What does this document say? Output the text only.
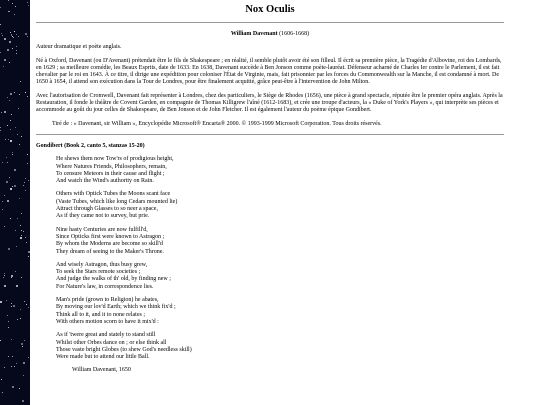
Nox Oculis
William Davenant (1606-1668)

Auteur dramatique et poète anglais.

Né à Oxford, Davenant (ou D'Avenant) prétendait être le fils de Shakespeare ; en réalité, il semble plutôt avoir été son filleul. Il écrit sa première pièce, la Tragédie d'Albovine, roi des Lombards, en 1629 ; sa meilleure comédie, les Beaux Esprits, date de 1633. En 1638, Davenant succède à Ben Jonson comme poète-lauréat. Défenseur acharné de Charles Ier contre le Parlement, il est fait chevalier par le roi en 1643. À ce titre, il dirige une expédition pour coloniser l'État de Virginie, mais, fait prisonnier par les forces du Commonwealth sur la Manche, il est condamné à mort. De 1650 à 1654, il attend son exécution dans la Tour de Londres, pour être finalement acquitté, grâce peut-être à l'intervention de John Milton.

Avec l'autorisation de Cromwell, Davenant fait représenter à Londres, chez des particuliers, le Siège de Rhodes (1656), une pièce à grand spectacle, réputée être le premier opéra anglais. Après la Restauration, il fonde le théâtre de Covent Garden, en compagnie de Thomas Killigrew l'aîné (1612-1683), et crée une troupe d'acteurs, la « Duke of York's Players », qui interprète ses pièces et accommode au goût du jour celles de Shakespeare, de Ben Jonson et de John Fletcher. Il est également l'auteur du poème épique Gondibert.

Tiré de : « Davenant, sir William », Encyclopédie Microsoft® Encarta® 2000. © 1993-1999 Microsoft Corporation. Tous droits réservés.

Gondibert (Book 2, canto 5, stanzas 15-20)
He shews them now Tow'rs of prodigious height,
Where Natures Friends, Philosophers, remain,
To censure Meteors in their cause and flight ;
And watch the Wind's authority on Rain.
Others with Optick Tubes the Moons scant face
(Vaste Tubes, which like long Cedars mounted lie)
Attract through Glasses to so neer a space,
As if they came not to survey, but prie.
Nine hasty Centuries are now fulfill'd,
Since Opticks first were known to Astragon ;
By whom the Moderns are become so skill'd
They dream of seeing to the Maker's Throne.
And wisely Astragon, thus busy grew,
To seek the Stars remote societies ;
And judge the walks of th' old, by finding new ;
For Nature's law, in correspondence lies.
Man's pride (grown to Religion) he abates,
By moving our lov'd Earth; which we think fix'd ;
Think all to it, and it to none relates ;
With others motion scorn to have it mix'd :
As if 'twere great and stately to stand still
Whilst other Orbes dance on ; or else think all
Those vaste bright Globes (to shew God's needless skill)
Were made but to attend our little Ball.
William Davenant, 1650
